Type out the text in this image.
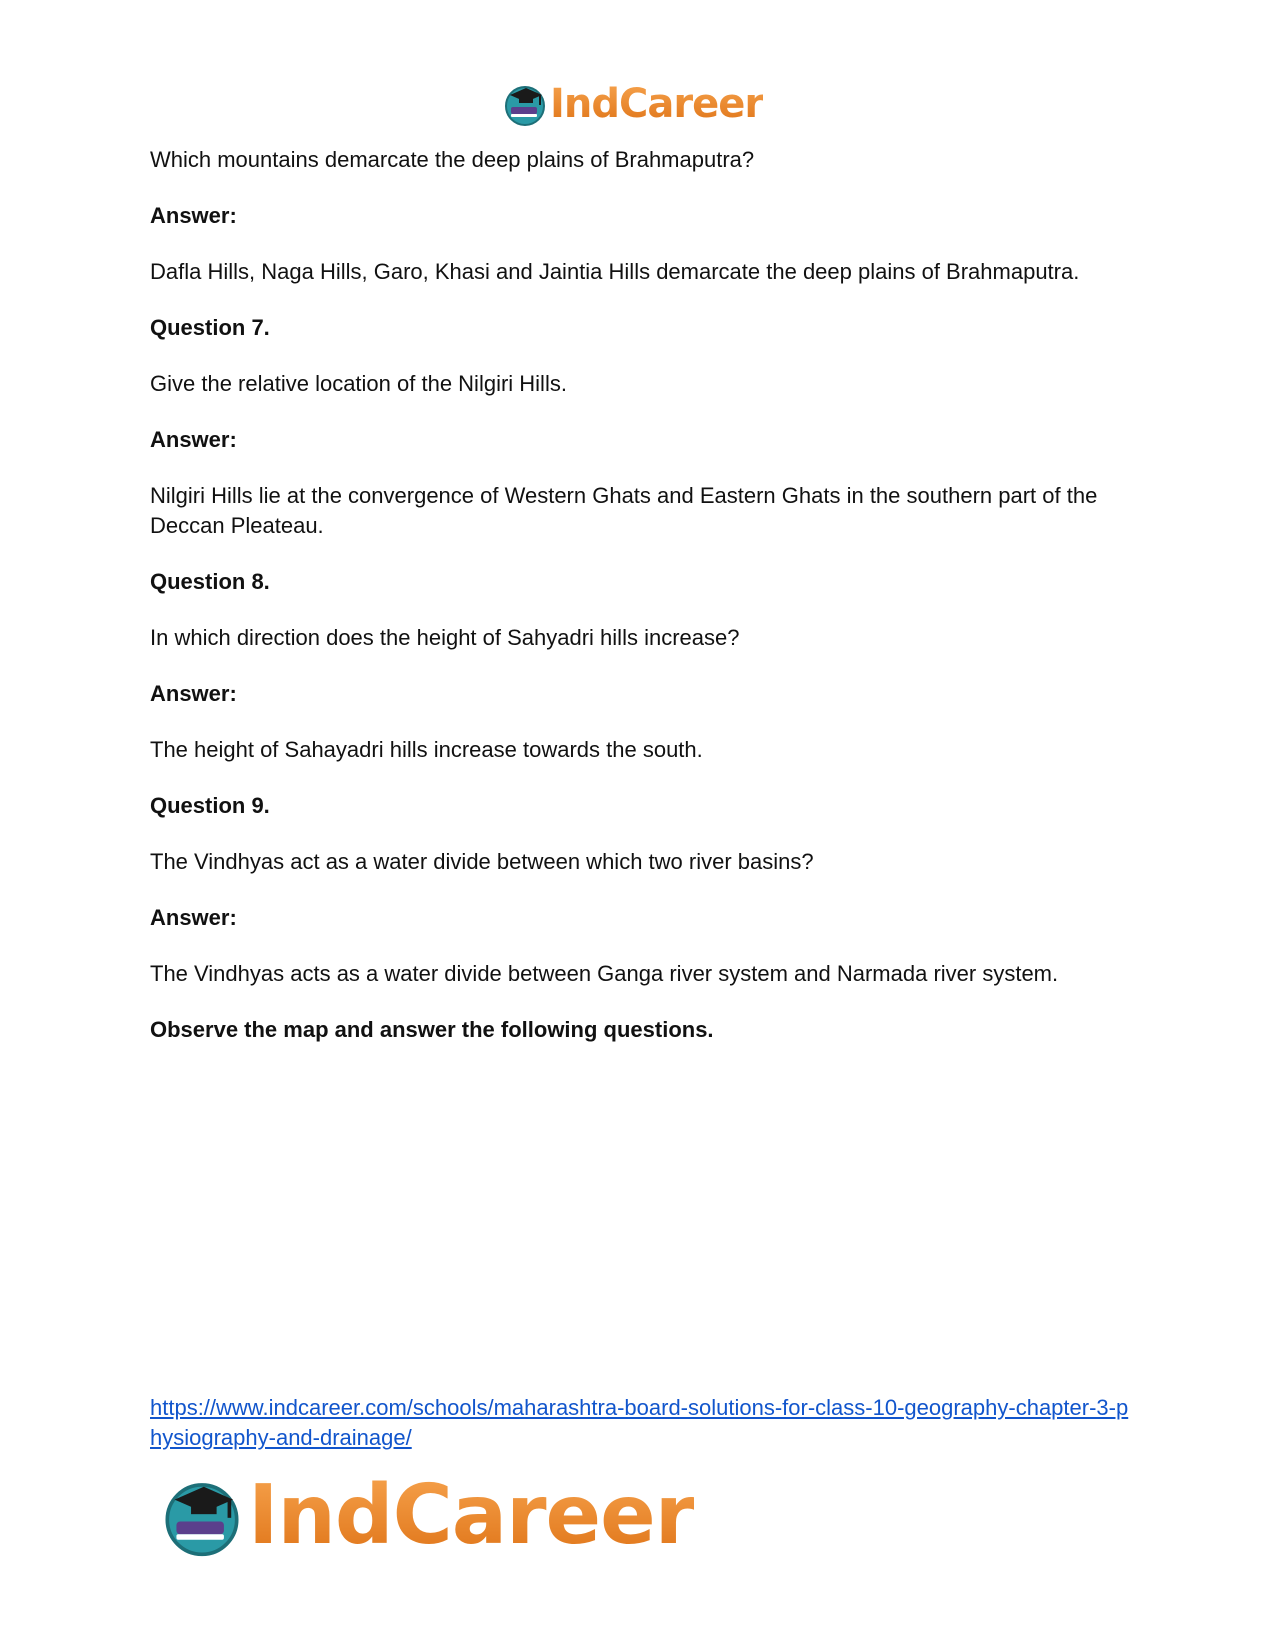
IndCareer

Which mountains demarcate the deep plains of Brahmaputra?

Answer:

Dafla Hills, Naga Hills, Garo, Khasi and Jaintia Hills demarcate the deep plains of Brahmaputra.

Question 7.

Give the relative location of the Nilgiri Hills.

Answer:

Nilgiri Hills lie at the convergence of Western Ghats and Eastern Ghats in the southern part of the Deccan Pleateau.

Question 8.

In which direction does the height of Sahyadri hills increase?

Answer:

The height of Sahayadri hills increase towards the south.

Question 9.

The Vindhyas act as a water divide between which two river basins?

Answer:

The Vindhyas acts as a water divide between Ganga river system and Narmada river system.

Observe the map and answer the following questions.

https://www.indcareer.com/schools/maharashtra-board-solutions-for-class-10-geography-chapter-3-physiography-and-drainage/
IndCareer
